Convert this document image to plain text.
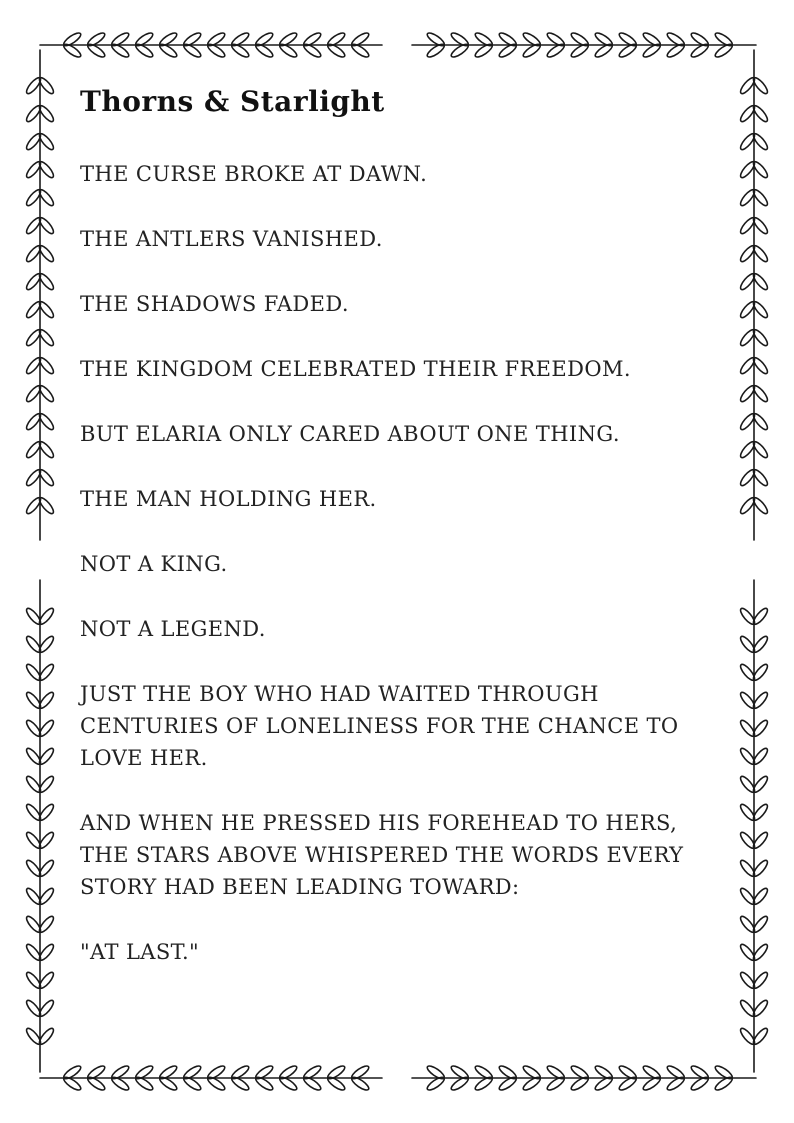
Thorns & Starlight

THE CURSE BROKE AT DAWN.

THE ANTLERS VANISHED.

THE SHADOWS FADED.

THE KINGDOM CELEBRATED THEIR FREEDOM.

BUT ELARIA ONLY CARED ABOUT ONE THING.

THE MAN HOLDING HER.

NOT A KING.

NOT A LEGEND.

JUST THE BOY WHO HAD WAITED THROUGH CENTURIES OF LONELINESS FOR THE CHANCE TO LOVE HER.

AND WHEN HE PRESSED HIS FOREHEAD TO HERS, THE STARS ABOVE WHISPERED THE WORDS EVERY STORY HAD BEEN LEADING TOWARD:

"AT LAST."
